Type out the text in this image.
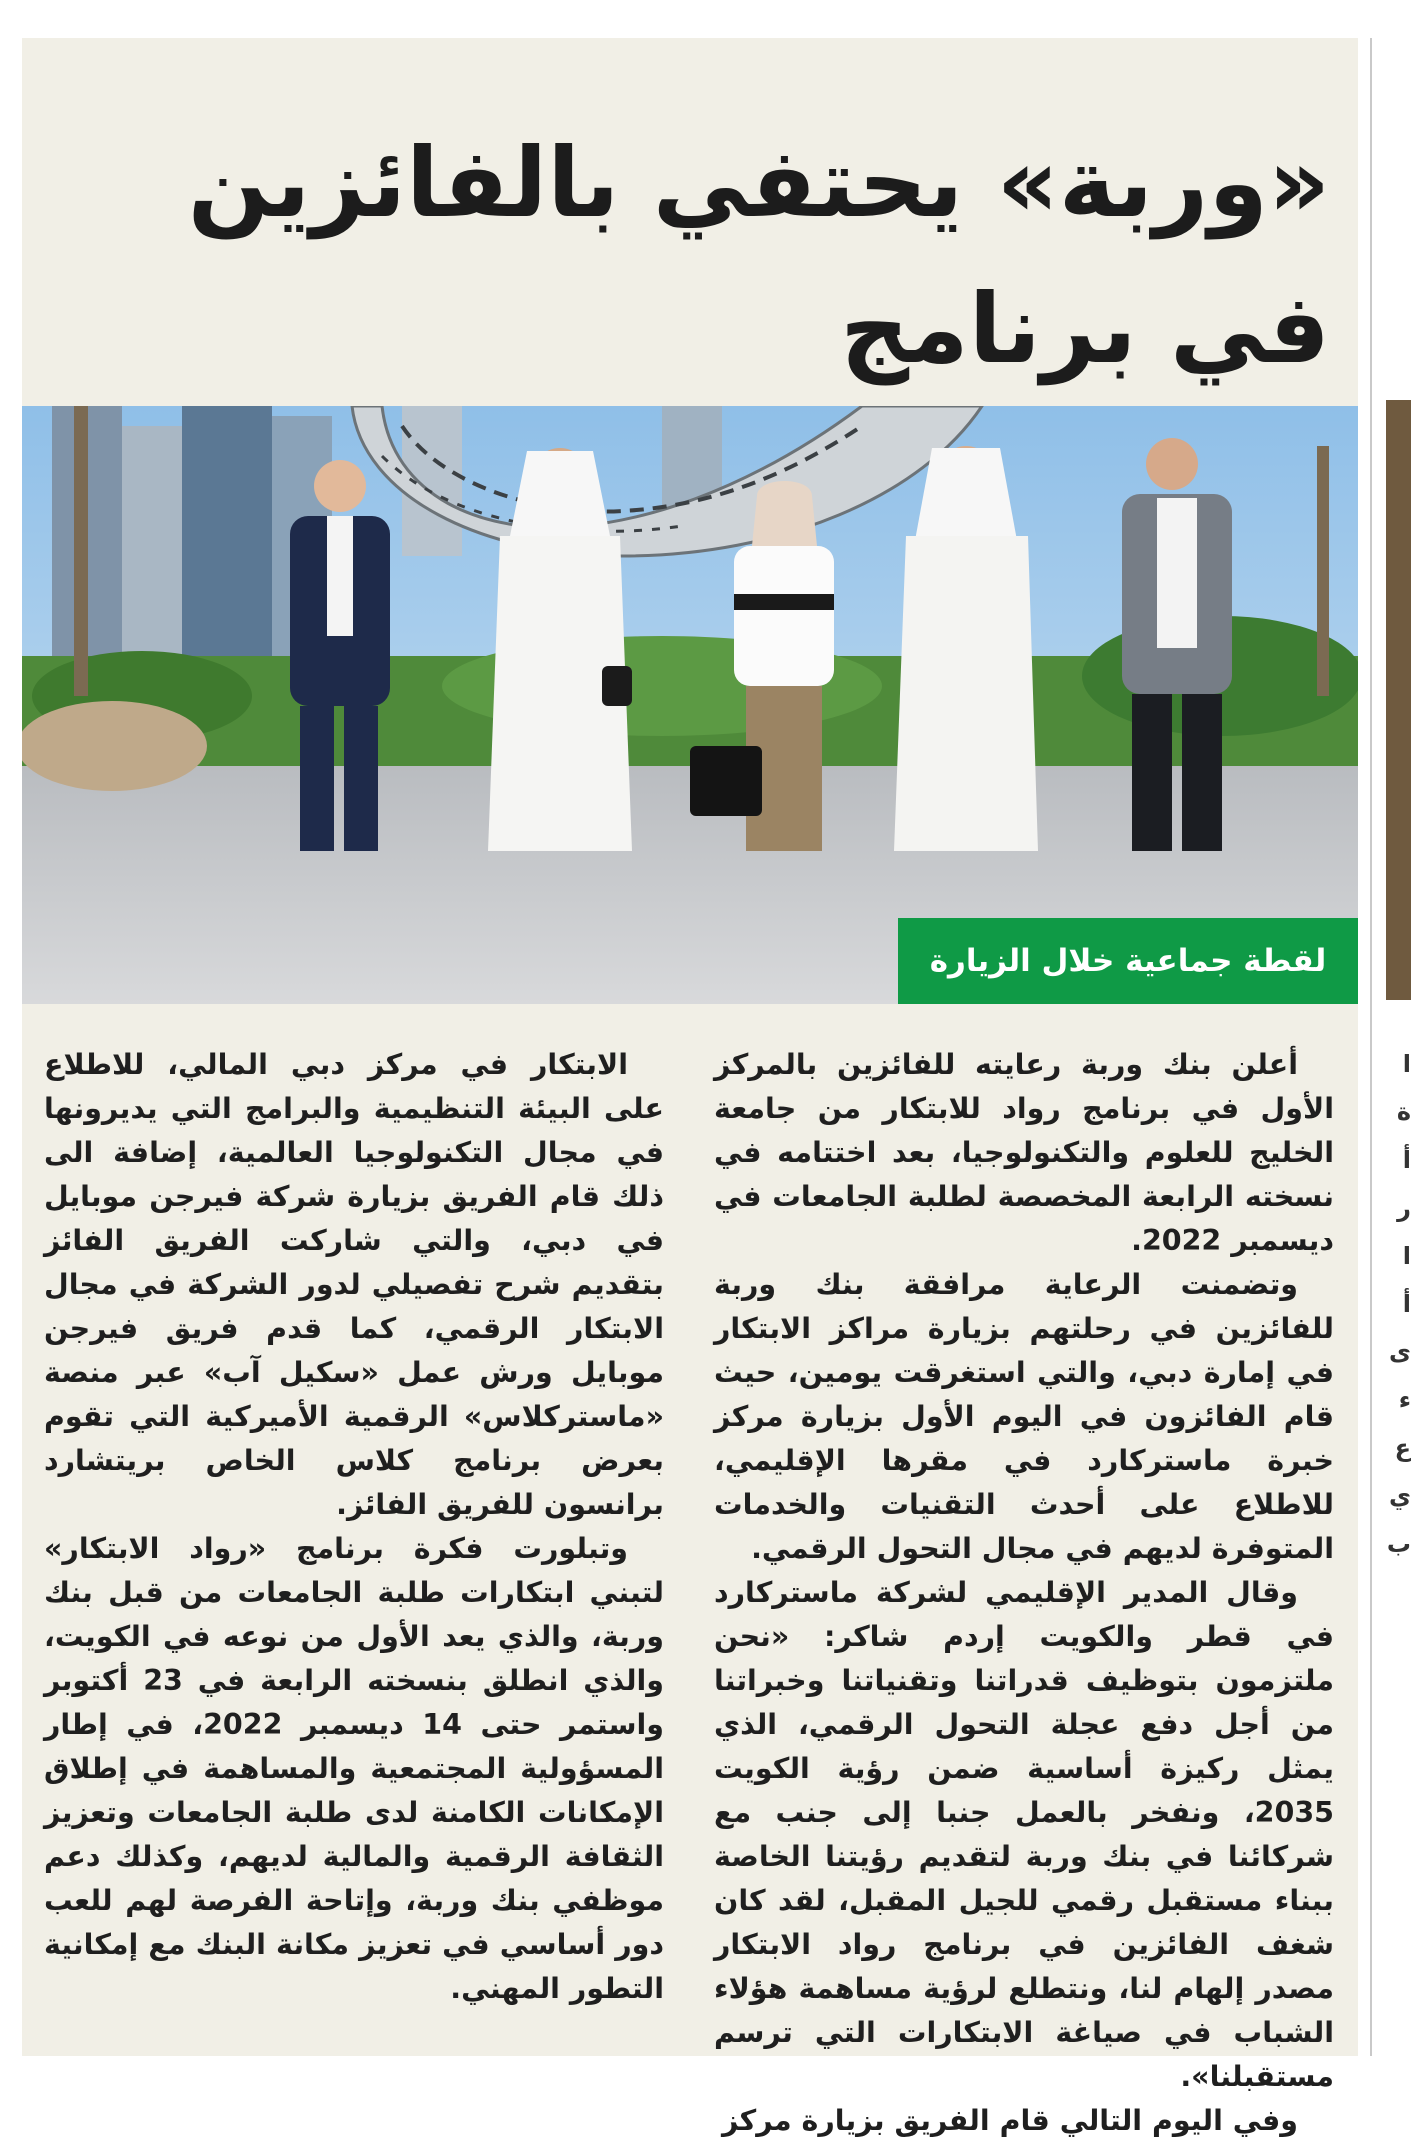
ا
ة
أ
ر
ا
أ
ى
ء
ع
ي
ب
«وربة» يحتفي بالفائزين في برنامج
لقطة جماعية خلال الزيارة

أعلن بنك وربة رعايته للفائزين بالمركز الأول في برنامج رواد للابتكار من جامعة الخليج للعلوم والتكنولوجيا، بعد اختتامه في نسخته الرابعة المخصصة لطلبة الجامعات في ديسمبر 2022.

وتضمنت الرعاية مرافقة بنك وربة للفائزين في رحلتهم بزيارة مراكز الابتكار في إمارة دبي، والتي استغرقت يومين، حيث قام الفائزون في اليوم الأول بزيارة مركز خبرة ماستركارد في مقرها الإقليمي، للاطلاع على أحدث التقنيات والخدمات المتوفرة لديهم في مجال التحول الرقمي.

وقال المدير الإقليمي لشركة ماستركارد في قطر والكويت إردم شاكر: «نحن ملتزمون بتوظيف قدراتنا وتقنياتنا وخبراتنا من أجل دفع عجلة التحول الرقمي، الذي يمثل ركيزة أساسية ضمن رؤية الكويت 2035، ونفخر بالعمل جنبا إلى جنب مع شركائنا في بنك وربة لتقديم رؤيتنا الخاصة ببناء مستقبل رقمي للجيل المقبل، لقد كان شغف الفائزين في برنامج رواد الابتكار مصدر إلهام لنا، ونتطلع لرؤية مساهمة هؤلاء الشباب في صياغة الابتكارات التي ترسم مستقبلنا».

وفي اليوم التالي قام الفريق بزيارة مركز

الابتكار في مركز دبي المالي، للاطلاع على البيئة التنظيمية والبرامج التي يديرونها في مجال التكنولوجيا العالمية، إضافة الى ذلك قام الفريق بزيارة شركة فيرجن موبايل في دبي، والتي شاركت الفريق الفائز بتقديم شرح تفصيلي لدور الشركة في مجال الابتكار الرقمي، كما قدم فريق فيرجن موبايل ورش عمل «سكيل آب» عبر منصة «ماستركلاس» الرقمية الأميركية التي تقوم بعرض برنامج كلاس الخاص بريتشارد برانسون للفريق الفائز.

وتبلورت فكرة برنامج «رواد الابتكار» لتبني ابتكارات طلبة الجامعات من قبل بنك وربة، والذي يعد الأول من نوعه في الكويت، والذي انطلق بنسخته الرابعة في 23 أكتوبر واستمر حتى 14 ديسمبر 2022، في إطار المسؤولية المجتمعية والمساهمة في إطلاق الإمكانات الكامنة لدى طلبة الجامعات وتعزيز الثقافة الرقمية والمالية لديهم، وكذلك دعم موظفي بنك وربة، وإتاحة الفرصة لهم للعب دور أساسي في تعزيز مكانة البنك مع إمكانية التطور المهني.
